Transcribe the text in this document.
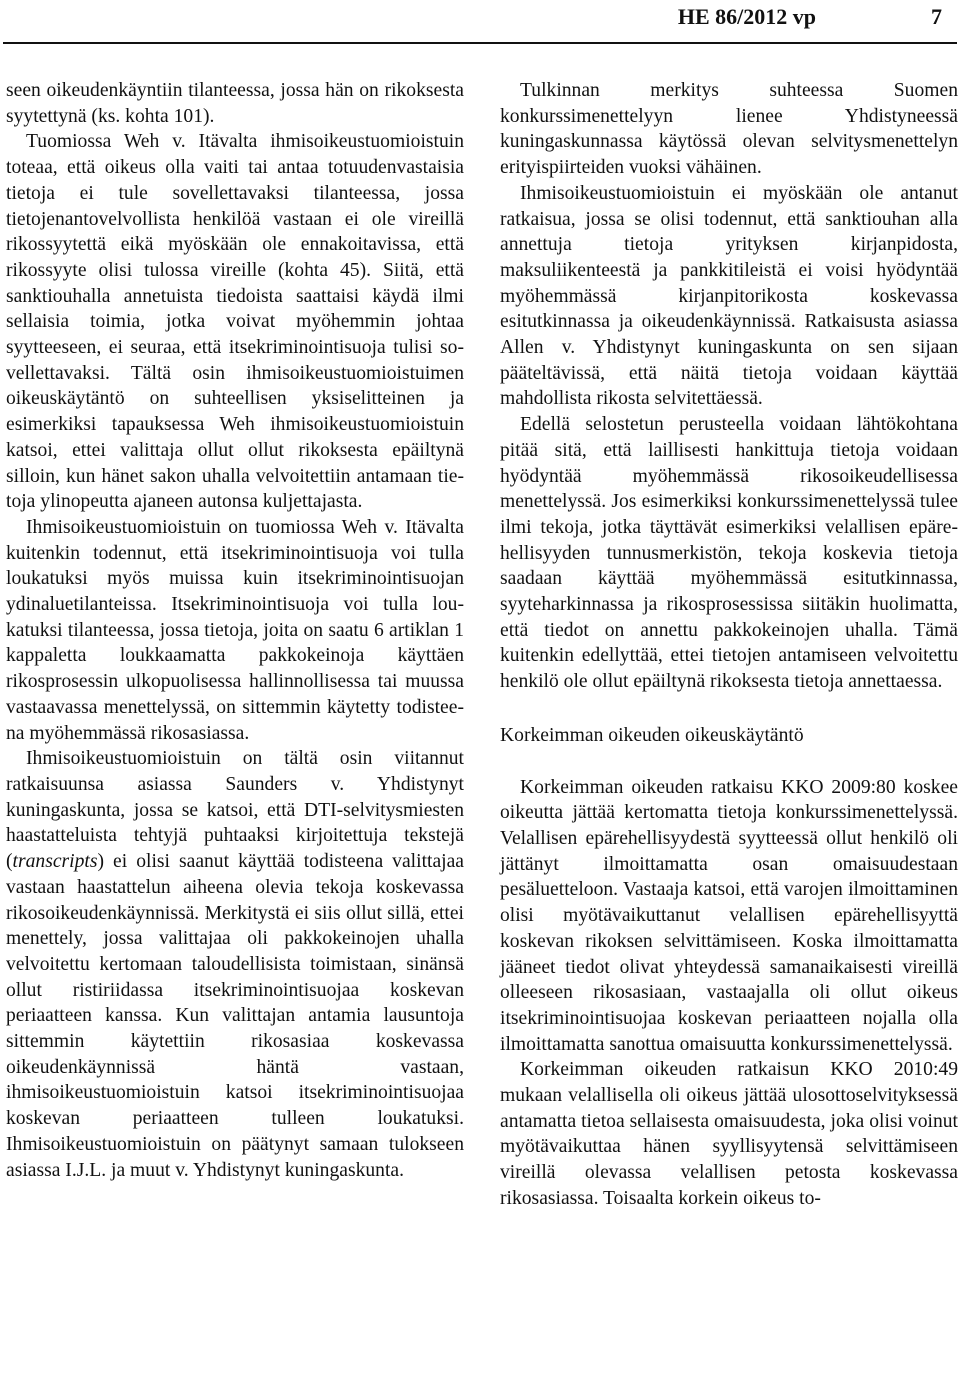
HE 86/2012 vp	7

seen oikeudenkäyntiin tilanteessa, jossa hän on rikoksesta syytettynä (ks. kohta 101).

Tuomiossa Weh v. Itävalta ihmisoikeustuomioistuin toteaa, että oikeus olla vaiti tai antaa totuudenvastaisia tietoja ei tule sovellettavaksi tilanteessa, jossa tietojenantovelvollista henkilöä vastaan ei ole vireillä rikossyytettä eikä myöskään ole ennakoitavissa, että rikossyyte olisi tulossa vireille (kohta 45). Siitä, että sanktiouhalla annetuista tiedoista saattaisi käydä ilmi sellaisia toimia, jotka voivat myöhemmin johtaa syytteeseen, ei seuraa, että itsekriminointisuoja tulisi sovellettavaksi. Tältä osin ihmisoikeustuomioistuimen oikeuskäytäntö on suhteellisen yksiselitteinen ja esimerkiksi tapauksessa Weh ihmisoikeustuomioistuin katsoi, ettei valittaja ollut ollut rikoksesta epäiltynä silloin, kun hänet sakon uhalla velvoitettiin antamaan tietoja ylinopeutta ajaneen autonsa kuljettajasta.

Ihmisoikeustuomioistuin on tuomiossa Weh v. Itävalta kuitenkin todennut, että itsekriminointisuoja voi tulla loukatuksi myös muissa kuin itsekriminointisuojan ydinaluetilanteissa. Itsekriminointisuoja voi tulla loukatuksi tilanteessa, jossa tietoja, joita on saatu 6 artiklan 1 kappaletta loukkaamatta pakkokeinoja käyttäen rikosprosessin ulkopuolisessa hallinnollisessa tai muussa vastaavassa menettelyssä, on sittemmin käytetty todisteena myöhemmässä rikosasiassa.

Ihmisoikeustuomioistuin on tältä osin viitannut ratkaisuunsa asiassa Saunders v. Yhdistynyt kuningaskunta, jossa se katsoi, että DTI-selvitysmiesten haastatteluista tehtyjä puhtaaksi kirjoitettuja tekstejä (transcripts) ei olisi saanut käyttää todisteena valittajaa vastaan haastattelun aiheena olevia tekoja koskevassa rikosoikeudenkäynnissä. Merkitystä ei siis ollut sillä, ettei menettely, jossa valittajaa oli pakkokeinojen uhalla velvoitettu kertomaan taloudellisista toimistaan, sinänsä ollut ristiriidassa itsekriminointisuojaa koskevan periaatteen kanssa. Kun valittajan antamia lausuntoja sittemmin käytettiin rikosasiaa koskevassa oikeudenkäynnissä häntä vastaan, ihmisoikeustuomioistuin katsoi itsekriminointisuojaa koskevan periaatteen tulleen loukatuksi. Ihmisoikeustuomioistuin on päätynyt samaan tulokseen asiassa I.J.L. ja muut v. Yhdistynyt kuningaskunta.

Tulkinnan merkitys suhteessa Suomen konkurssimenettelyyn lienee Yhdistyneessä kuningaskunnassa käytössä olevan selvitysmenettelyn erityispiirteiden vuoksi vähäinen.

Ihmisoikeustuomioistuin ei myöskään ole antanut ratkaisua, jossa se olisi todennut, että sanktiouhan alla annettuja tietoja yrityksen kirjanpidosta, maksuliikenteestä ja pankkitileistä ei voisi hyödyntää myöhemmässä kirjanpitorikosta koskevassa esitutkinnassa ja oikeudenkäynnissä. Ratkaisusta asiassa Allen v. Yhdistynyt kuningaskunta on sen sijaan pääteltävissä, että näitä tietoja voidaan käyttää mahdollista rikosta selvitettäessä.

Edellä selostetun perusteella voidaan lähtökohtana pitää sitä, että laillisesti hankittuja tietoja voidaan hyödyntää myöhemmässä rikosoikeudellisessa menettelyssä. Jos esimerkiksi konkurssimenettelyssä tulee ilmi tekoja, jotka täyttävät esimerkiksi velallisen epärehellisyyden tunnusmerkistön, tekoja koskevia tietoja saadaan käyttää myöhemmässä esitutkinnassa, syyteharkinnassa ja rikosprosessissa siitäkin huolimatta, että tiedot on annettu pakkokeinojen uhalla. Tämä kuitenkin edellyttää, ettei tietojen antamiseen velvoitettu henkilö ole ollut epäiltynä rikoksesta tietoja annettaessa.

Korkeimman oikeuden oikeuskäytäntö

Korkeimman oikeuden ratkaisu KKO 2009:80 koskee oikeutta jättää kertomatta tietoja konkurssimenettelyssä. Velallisen epärehellisyydestä syytteessä ollut henkilö oli jättänyt ilmoittamatta osan omaisuudestaan pesäluetteloon. Vastaaja katsoi, että varojen ilmoittaminen olisi myötävaikuttanut velallisen epärehellisyyttä koskevan rikoksen selvittämiseen. Koska ilmoittamatta jääneet tiedot olivat yhteydessä samanaikaisesti vireillä olleeseen rikosasiaan, vastaajalla oli ollut oikeus itsekriminointisuojaa koskevan periaatteen nojalla olla ilmoittamatta sanottua omaisuutta konkurssimenettelyssä.

Korkeimman oikeuden ratkaisun KKO 2010:49 mukaan velallisella oli oikeus jättää ulosottoselvityksessä antamatta tietoa sellaisesta omaisuudesta, joka olisi voinut myötävaikuttaa hänen syyllisyytensä selvittämiseen vireillä olevassa velallisen petosta koskevassa rikosasiassa. Toisaalta korkein oikeus to-
